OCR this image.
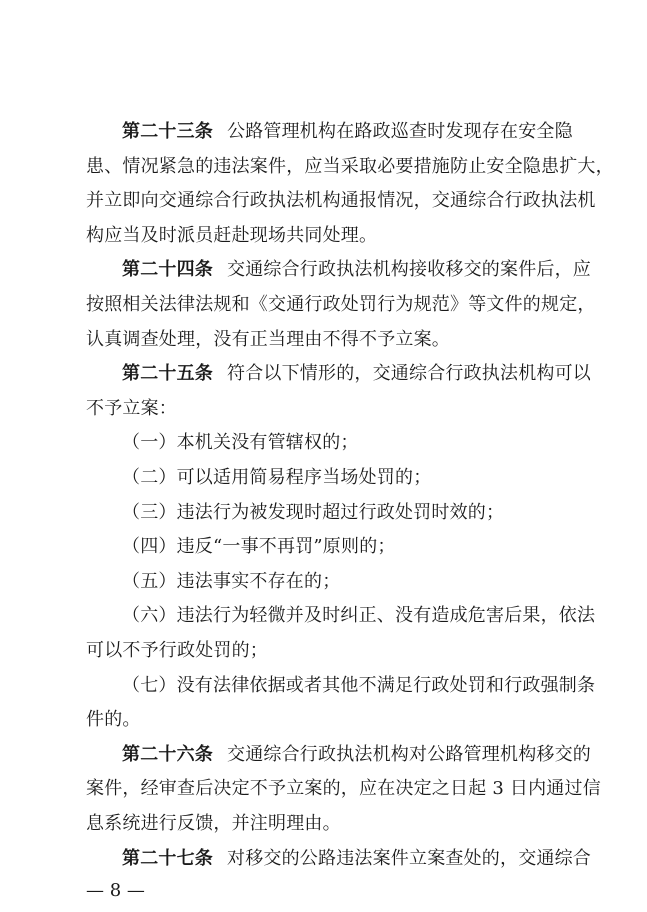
第二十三条 公路管理机构在路政巡查时发现存在安全隐
患、情况紧急的违法案件，应当采取必要措施防止安全隐患扩大，
并立即向交通综合行政执法机构通报情况，交通综合行政执法机
构应当及时派员赶赴现场共同处理。
第二十四条 交通综合行政执法机构接收移交的案件后，应
按照相关法律法规和《交通行政处罚行为规范》等文件的规定，
认真调查处理，没有正当理由不得不予立案。
第二十五条 符合以下情形的，交通综合行政执法机构可以
不予立案：
（一）本机关没有管辖权的；
（二）可以适用简易程序当场处罚的；
（三）违法行为被发现时超过行政处罚时效的；
（四）违反“一事不再罚”原则的；
（五）违法事实不存在的；
（六）违法行为轻微并及时纠正、没有造成危害后果，依法
可以不予行政处罚的；
（七）没有法律依据或者其他不满足行政处罚和行政强制条
件的。
第二十六条 交通综合行政执法机构对公路管理机构移交的
案件，经审查后决定不予立案的，应在决定之日起 3 日内通过信
息系统进行反馈，并注明理由。
第二十七条 对移交的公路违法案件立案查处的，交通综合
— 8 —
